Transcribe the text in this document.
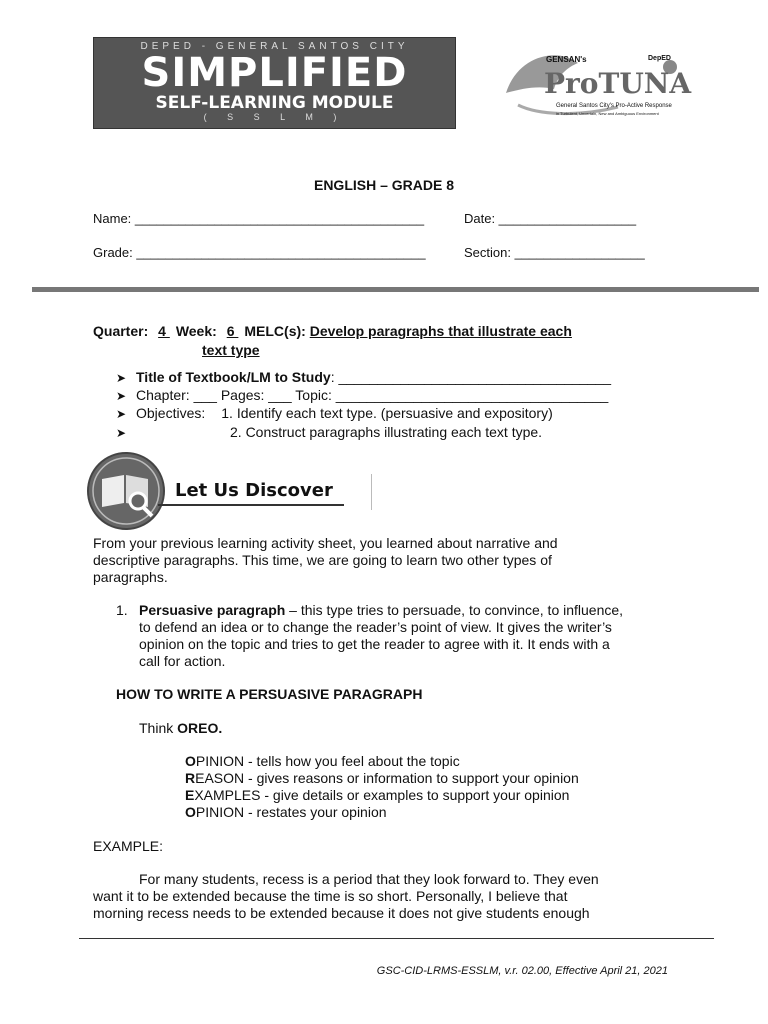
DEPED - GENERAL SANTOS CITY
SIMPLIFIED
SELF-LEARNING MODULE
( S S L M )
GENSAN's	DepED
ProTUNA
General Santos City's Pro-Active Response
in Turbulent, Uncertain, New and Ambiguous Environment
ENGLISH – GRADE 8
Name: ________________________________________	Date: ___________________
Grade: ________________________________________	Section: __________________
Quarter: 4 Week: 6 MELC(s): Develop paragraphs that illustrate each
text type
➤ Title of Textbook/LM to Study: ___________________________________
➤ Chapter: ___ Pages: ___ Topic: ___________________________________
➤ Objectives: 1. Identify each text type. (persuasive and expository)
➤	2. Construct paragraphs illustrating each text type.
Let Us Discover
From your previous learning activity sheet, you learned about narrative and
descriptive paragraphs. This time, we are going to learn two other types of
paragraphs.
1. Persuasive paragraph – this type tries to persuade, to convince, to influence,
to defend an idea or to change the reader’s point of view. It gives the writer’s
opinion on the topic and tries to get the reader to agree with it. It ends with a
call for action.
HOW TO WRITE A PERSUASIVE PARAGRAPH
Think OREO.
OPINION - tells how you feel about the topic
REASON - gives reasons or information to support your opinion
EXAMPLES - give details or examples to support your opinion
OPINION - restates your opinion
EXAMPLE:
For many students, recess is a period that they look forward to. They even
want it to be extended because the time is so short. Personally, I believe that
morning recess needs to be extended because it does not give students enough
GSC-CID-LRMS-ESSLM, v.r. 02.00, Effective April 21, 2021
